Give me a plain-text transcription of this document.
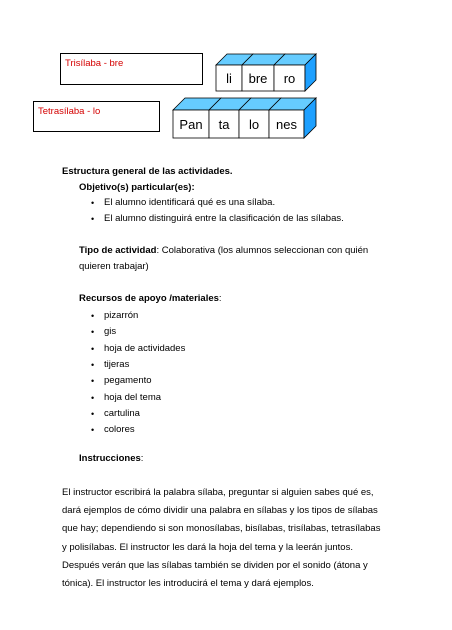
Trisílaba - bre
li bre ro
Tetrasílaba - lo
Pan ta lo nes
Estructura general de las actividades.
Objetivo(s) particular(es):
• El alumno identificará qué es una sílaba.
• El alumno distinguirá entre la clasificación de las sílabas.
Tipo de actividad: Colaborativa (los alumnos seleccionan con quién
quieren trabajar)
Recursos de apoyo /materiales:
• pizarrón
• gis
• hoja de actividades
• tijeras
• pegamento
• hoja del tema
• cartulina
• colores
Instrucciones:
El instructor escribirá la palabra sílaba, preguntar si alguien sabes qué es,
dará ejemplos de cómo dividir una palabra en sílabas y los tipos de sílabas
que hay; dependiendo si son monosílabas, bisílabas, trisílabas, tetrasílabas
y polisílabas. El instructor les dará la hoja del tema y la leerán juntos.
Después verán que las sílabas también se dividen por el sonido (átona y
tónica). El instructor les introducirá el tema y dará ejemplos.
